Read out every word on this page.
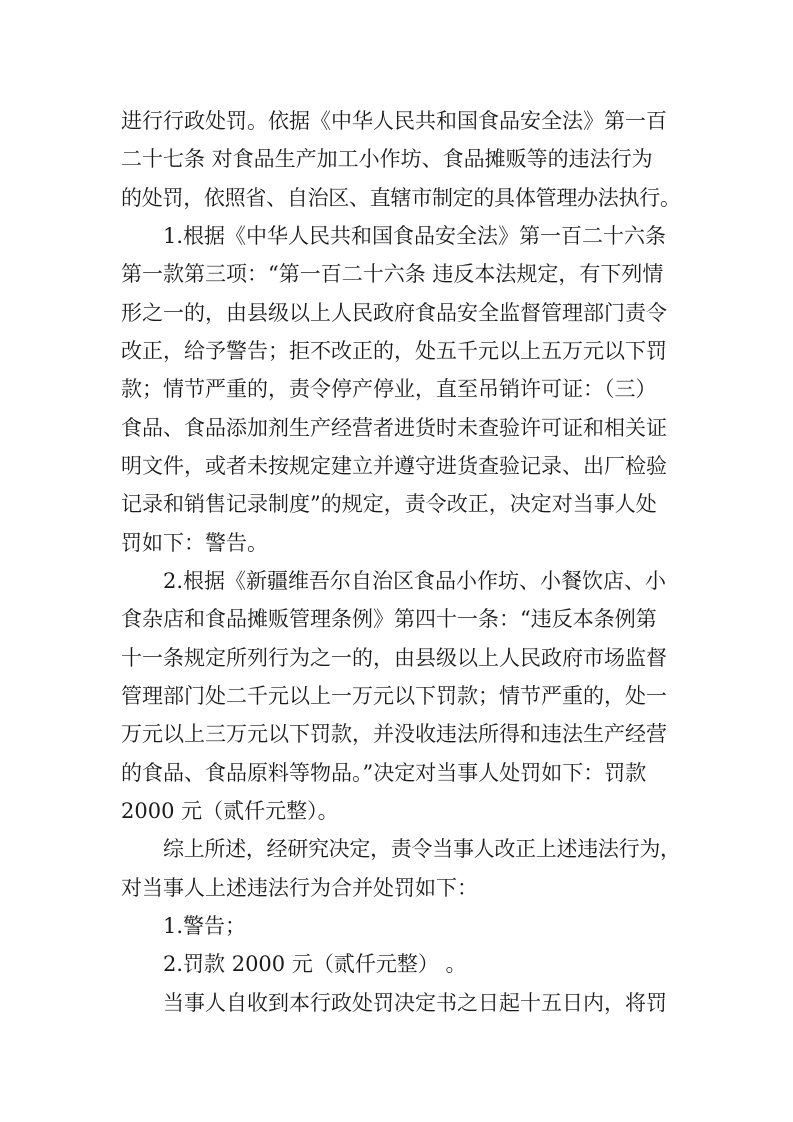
进行行政处罚。依据《中华人民共和国食品安全法》第一百
二十七条 对食品生产加工小作坊、食品摊贩等的违法行为
的处罚，依照省、自治区、直辖市制定的具体管理办法执行。
1.根据《中华人民共和国食品安全法》第一百二十六条
第一款第三项：“第一百二十六条 违反本法规定，有下列情
形之一的，由县级以上人民政府食品安全监督管理部门责令
改正，给予警告；拒不改正的，处五千元以上五万元以下罚
款；情节严重的，责令停产停业，直至吊销许可证：（三）
食品、食品添加剂生产经营者进货时未查验许可证和相关证
明文件，或者未按规定建立并遵守进货查验记录、出厂检验
记录和销售记录制度”的规定，责令改正，决定对当事人处
罚如下：警告。
2.根据《新疆维吾尔自治区食品小作坊、小餐饮店、小
食杂店和食品摊贩管理条例》第四十一条：“违反本条例第
十一条规定所列行为之一的，由县级以上人民政府市场监督
管理部门处二千元以上一万元以下罚款；情节严重的，处一
万元以上三万元以下罚款，并没收违法所得和违法生产经营
的食品、食品原料等物品。”决定对当事人处罚如下：罚款
2000 元（贰仟元整）。
综上所述，经研究决定，责令当事人改正上述违法行为，
对当事人上述违法行为合并处罚如下：
1.警告；
2.罚款 2000 元（贰仟元整） 。
当事人自收到本行政处罚决定书之日起十五日内，将罚
